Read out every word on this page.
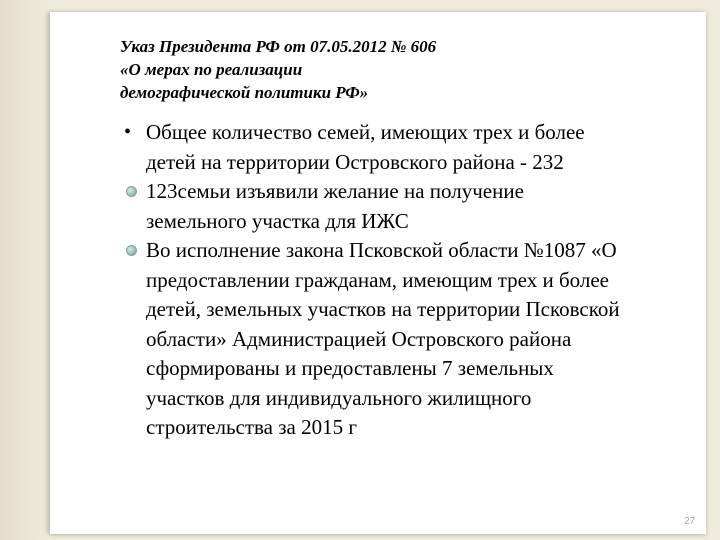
Указ Президента РФ от 07.05.2012 № 606
«О мерах по реализации
демографической политики РФ»
• Общее количество семей, имеющих трех и более
детей на территории Островского района - 232
123семьи изъявили желание на получение
земельного участка для ИЖС
Во исполнение закона Псковской области №1087 «О
предоставлении гражданам, имеющим трех и более
детей, земельных участков на территории Псковской
области» Администрацией Островского района
сформированы и предоставлены 7 земельных
участков для индивидуального жилищного
строительства за 2015 г
27
